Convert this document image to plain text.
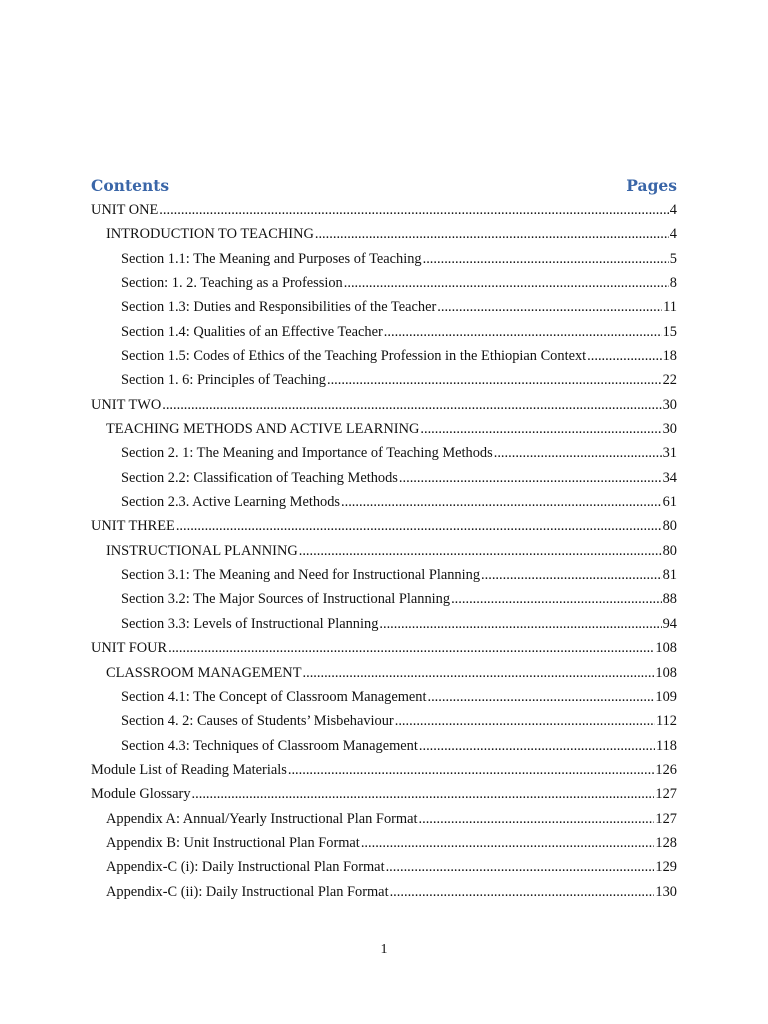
Contents	Pages
UNIT ONE .....	4
INTRODUCTION TO TEACHING .....	4
Section 1.1: The Meaning and Purposes of Teaching .....	5
Section: 1. 2. Teaching as a Profession .....	8
Section 1.3: Duties and Responsibilities of the Teacher .....	11
Section 1.4: Qualities of an Effective Teacher .....	15
Section 1.5: Codes of Ethics of the Teaching Profession in the Ethiopian Context .....	18
Section 1. 6: Principles of Teaching .....	22
UNIT TWO .....	30
TEACHING METHODS AND ACTIVE LEARNING .....	30
Section 2. 1: The Meaning and Importance of Teaching Methods .....	31
Section 2.2: Classification of Teaching Methods .....	34
Section 2.3. Active Learning Methods .....	61
UNIT THREE .....	80
INSTRUCTIONAL PLANNING .....	80
Section 3.1: The Meaning and Need for Instructional Planning .....	81
Section 3.2: The Major Sources of Instructional Planning .....	88
Section 3.3: Levels of Instructional Planning .....	94
UNIT FOUR .....	108
CLASSROOM MANAGEMENT .....	108
Section 4.1: The Concept of Classroom Management .....	109
Section 4. 2: Causes of Students’ Misbehaviour .....	112
Section 4.3: Techniques of Classroom Management .....	118
Module List of Reading Materials .....	126
Module Glossary .....	127
Appendix A: Annual/Yearly Instructional Plan Format .....	127
Appendix B: Unit Instructional Plan Format .....	128
Appendix-C (i): Daily Instructional Plan Format .....	129
Appendix-C (ii): Daily Instructional Plan Format .....	130
1
